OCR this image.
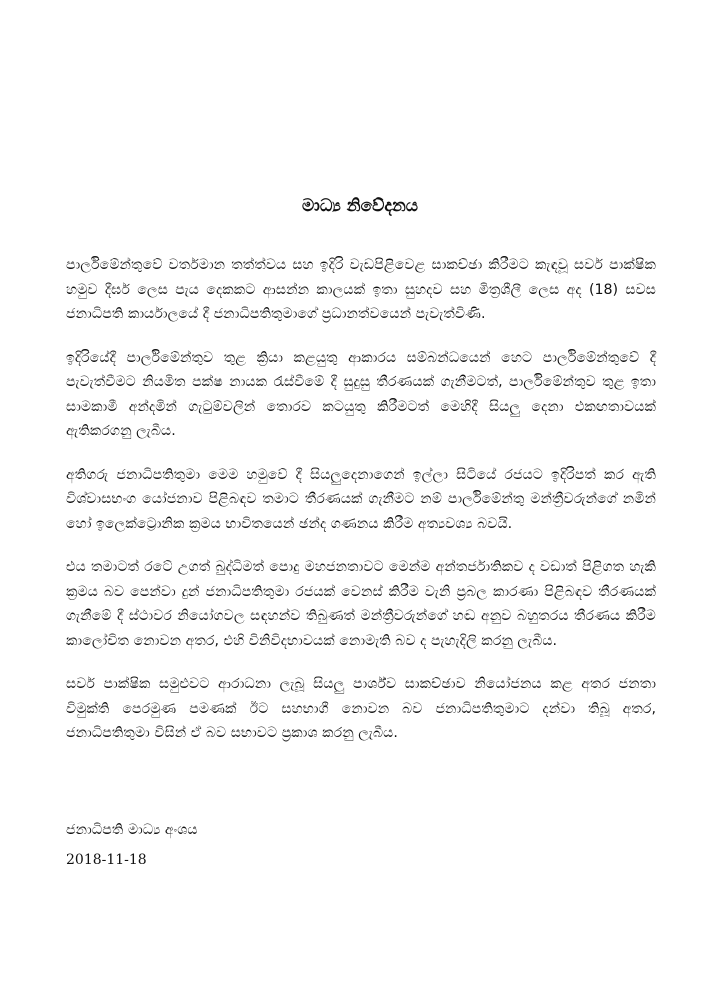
මාධ්‍ය නිවේදනය

පාර්ලිමේන්තුවේ වර්තමාන තත්ත්වය සහ ඉදිරි වැඩපිළිවෙළ සාකච්ඡා කිරීමට කැඳවූ සර්ව පාක්ෂික හමුව දීර්ඝ ලෙස පැය දෙකකට ආසන්න කාලයක් ඉතා සුහදව සහ මිත්‍රශීලී ලෙස අද (18) සවස ජනාධිපති කාර්යාලයේ දී ජනාධිපතිතුමාගේ ප්‍රධානත්වයෙන් පැවැත්විණි.

ඉදිරියේදී පාර්ලිමේන්තුව තුළ ක්‍රියා කළයුතු ආකාරය සම්බන්ධයෙන් හෙට පාර්ලිමේන්තුවේ දී පැවැත්වීමට නියමිත පක්ෂ නායක රැස්වීමේ දී සුදුසු තීරණයක් ගැනීමටත්, පාර්ලිමේන්තුව තුළ ඉතා සාමකාමී අන්දමින් ගැටුම්වලින් තොරව කටයුතු කිරීමටත් මෙහිදී සියලු දෙනා එකඟතාවයක් ඇතිකරගනු ලැබීය.

අතිගරු ජනාධිපතිතුමා මෙම හමුවේ දී සියලුදෙනාගෙන් ඉල්ලා සිටියේ රජයට ඉදිරිපත් කර ඇති විශ්වාසභංග යෝජනාව පිළිබඳව තමාට තීරණයක් ගැනීමට නම් පාර්ලිමේන්තු මන්ත්‍රීවරුන්ගේ නමින් හෝ ඉලෙක්ට්‍රොනික ක්‍රමය භාවිතයෙන් ඡන්ද ගණනය කිරීම අත්‍යවශ්‍ය බවයි.

එය තමාටත් රටේ උගත් බුද්ධිමත් පොදු මහජනතාවට මෙන්ම අන්තර්ජාතිකව ද වඩාත් පිළිගත හැකි ක්‍රමය බව පෙන්වා දුන් ජනාධිපතිතුමා රජයක් වෙනස් කිරීම වැනි ප්‍රබල කාරණා පිළිබඳව තීරණයක් ගැනීමේ දී ස්ථාවර නියෝගවල සඳහන්ව තිබුණත් මන්ත්‍රීවරුන්ගේ හඬ අනුව බහුතරය තීරණය කිරීම කාලෝචිත නොවන අතර, එහි විනිවිදභාවයක් නොමැති බව ද පැහැදිලි කරනු ලැබීය.

සර්ව පාක්ෂික සමුළුවට ආරාධනා ලැබූ සියලු පාර්ශ්ව සාකච්ඡාව නියෝජනය කළ අතර ජනතා විමුක්ති පෙරමුණ පමණක් ඊට සහභාගී නොවන බව ජනාධිපතිතුමාට දන්වා තිබූ අතර, ජනාධිපතිතුමා විසින් ඒ බව සභාවට ප්‍රකාශ කරනු ලැබීය.

ජනාධිපති මාධ්‍ය අංශය
2018-11-18
